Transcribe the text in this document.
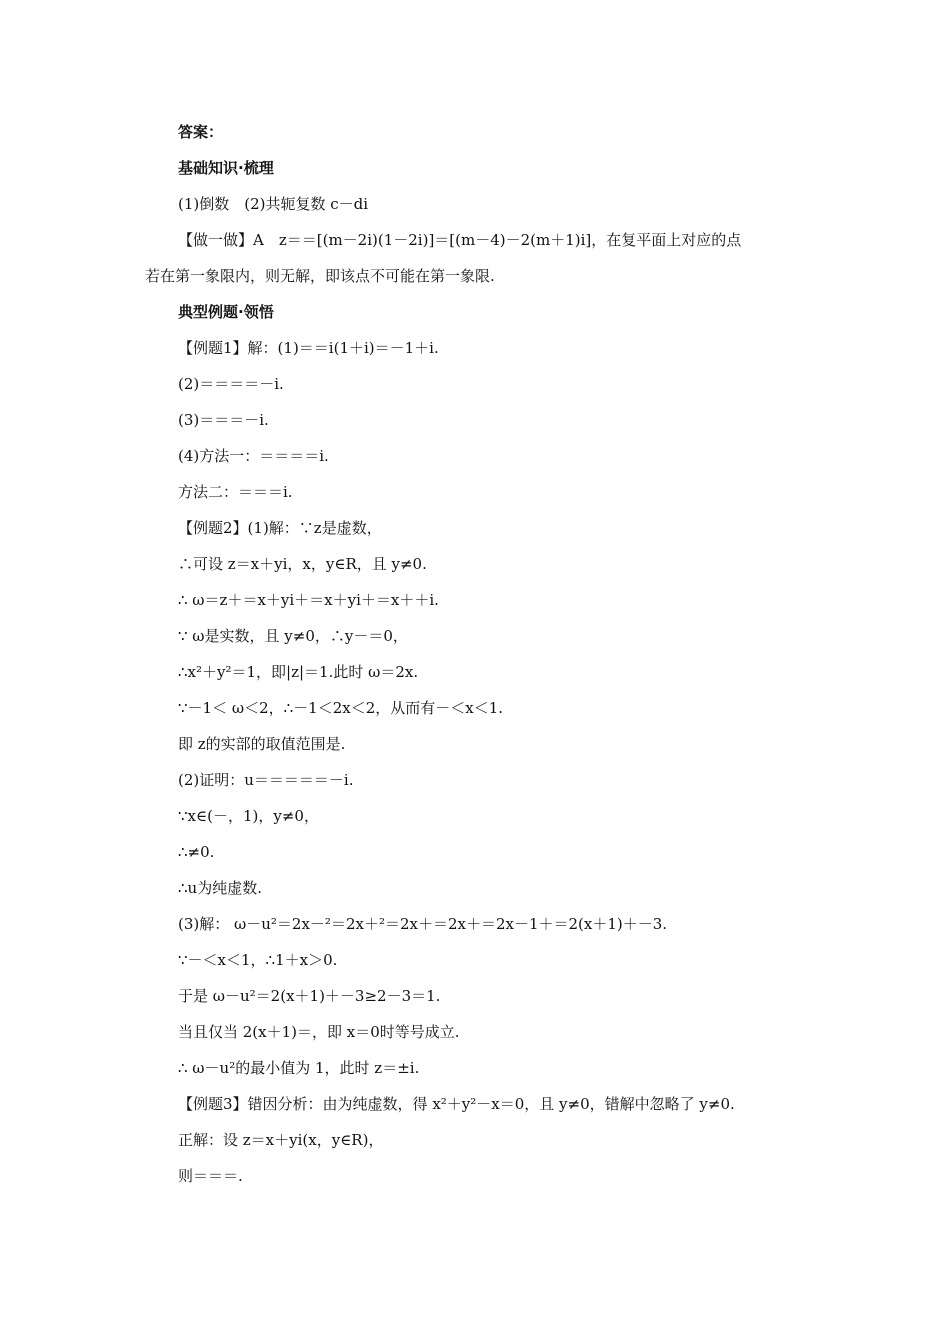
答案：
基础知识·梳理
(1)倒数　(2)共轭复数 c－di
【做一做】A　z＝＝[(m－2i)(1－2i)]＝[(m－4)－2(m＋1)i]，在复平面上对应的点
若在第一象限内，则无解，即该点不可能在第一象限.
典型例题·领悟
【例题1】解：(1)＝＝i(1＋i)＝－1＋i.
(2)＝＝＝＝－i.
(3)＝＝＝－i.
(4)方法一：＝＝＝＝i.
方法二：＝＝＝i.
【例题2】(1)解：∵z是虚数，
∴可设 z＝x＋yi，x，y∈R，且 y≠0.
∴ ω＝z＋＝x＋yi＋＝x＋yi＋＝x＋＋i.
∵ ω是实数，且 y≠0，∴y－＝0，
∴x²＋y²＝1，即|z|＝1.此时 ω＝2x.
∵－1＜ ω＜2，∴－1＜2x＜2，从而有－＜x＜1.
即 z的实部的取值范围是.
(2)证明：u＝＝＝＝＝－i.
∵x∈(－，1)，y≠0，
∴≠0.
∴u为纯虚数.
(3)解： ω－u²＝2x－²＝2x＋²＝2x＋＝2x＋＝2x－1＋＝2(x＋1)＋－3.
∵－＜x＜1，∴1＋x＞0.
于是 ω－u²＝2(x＋1)＋－3≥2－3＝1.
当且仅当 2(x＋1)＝，即 x＝0时等号成立.
∴ ω－u²的最小值为 1，此时 z＝±i.
【例题3】错因分析：由为纯虚数，得 x²＋y²－x＝0，且 y≠0，错解中忽略了 y≠0.
正解：设 z＝x＋yi(x，y∈R)，
则＝＝＝.
